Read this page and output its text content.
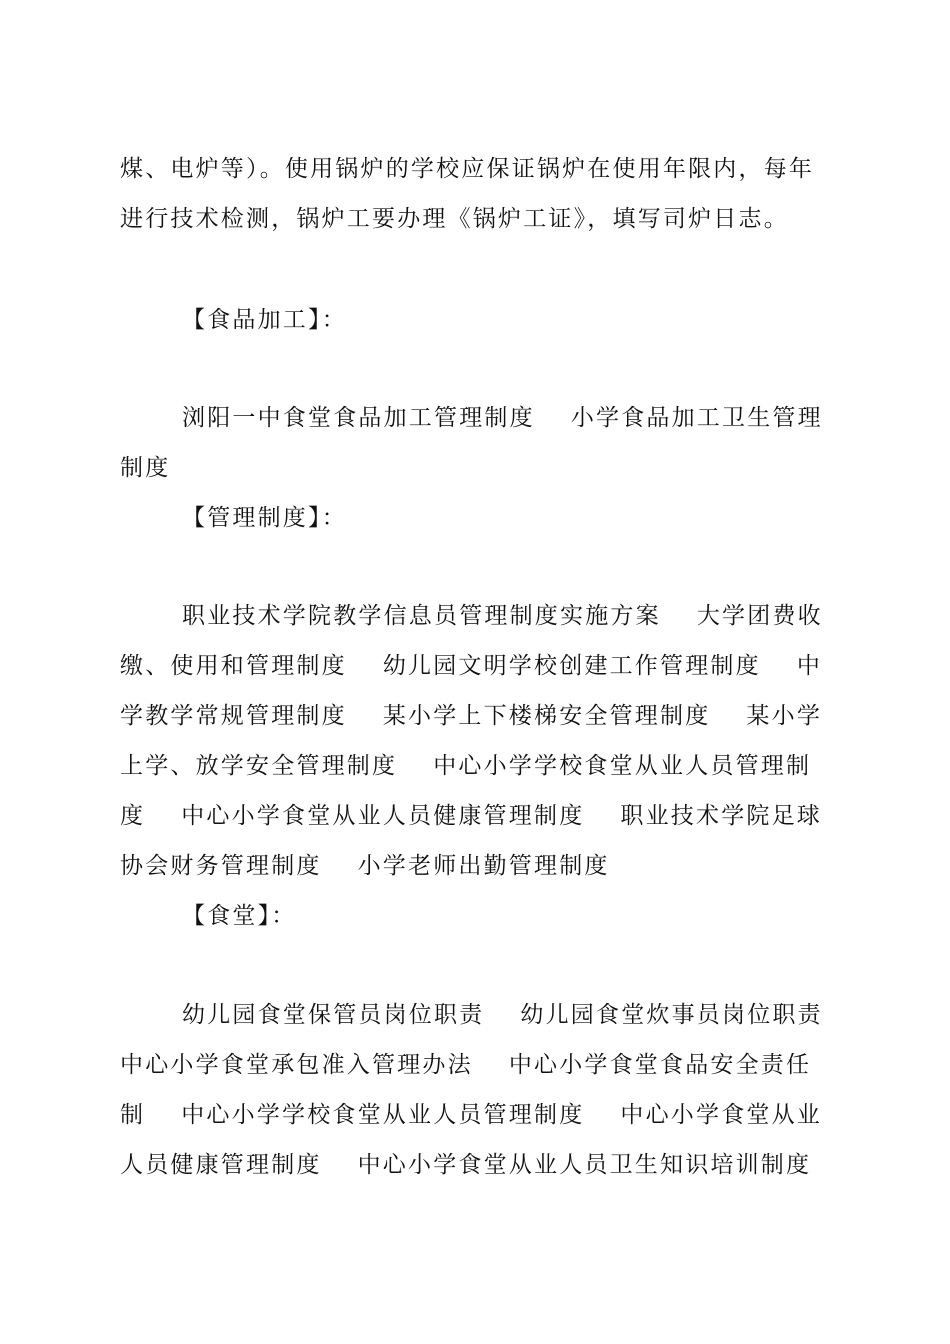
煤、电炉等）。使用锅炉的学校应保证锅炉在使用年限内，每年
进行技术检测，锅炉工要办理《锅炉工证》，填写司炉日志。
【食品加工】：
浏阳一中食堂食品加工管理制度 小学食品加工卫生管理
制度
【管理制度】：
职业技术学院教学信息员管理制度实施方案 大学团费收
缴、使用和管理制度 幼儿园文明学校创建工作管理制度 中
学教学常规管理制度 某小学上下楼梯安全管理制度 某小学
上学、放学安全管理制度 中心小学学校食堂从业人员管理制
度 中心小学食堂从业人员健康管理制度 职业技术学院足球
协会财务管理制度 小学老师出勤管理制度
【食堂】：
幼儿园食堂保管员岗位职责 幼儿园食堂炊事员岗位职责
中心小学食堂承包准入管理办法 中心小学食堂食品安全责任
制 中心小学学校食堂从业人员管理制度 中心小学食堂从业
人员健康管理制度 中心小学食堂从业人员卫生知识培训制度
